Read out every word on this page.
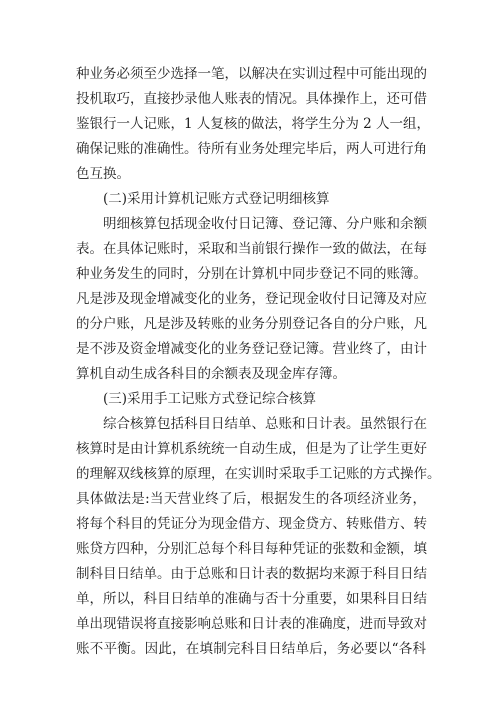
种业务必须至少选择一笔，以解决在实训过程中可能出现的
投机取巧，直接抄录他人账表的情况。具体操作上，还可借
鉴银行一人记账，1 人复核的做法，将学生分为 2 人一组，
确保记账的准确性。待所有业务处理完毕后，两人可进行角
色互换。
(二)采用计算机记账方式登记明细核算
明细核算包括现金收付日记簿、登记簿、分户账和余额
表。在具体记账时，采取和当前银行操作一致的做法，在每
种业务发生的同时，分别在计算机中同步登记不同的账簿。
凡是涉及现金增减变化的业务，登记现金收付日记簿及对应
的分户账，凡是涉及转账的业务分别登记各自的分户账，凡
是不涉及资金增减变化的业务登记登记簿。营业终了，由计
算机自动生成各科目的余额表及现金库存簿。
(三)采用手工记账方式登记综合核算
综合核算包括科目日结单、总账和日计表。虽然银行在
核算时是由计算机系统统一自动生成，但是为了让学生更好
的理解双线核算的原理，在实训时采取手工记账的方式操作。
具体做法是:当天营业终了后，根据发生的各项经济业务，
将每个科目的凭证分为现金借方、现金贷方、转账借方、转
账贷方四种，分别汇总每个科目每种凭证的张数和金额，填
制科目日结单。由于总账和日计表的数据均来源于科目日结
单，所以，科目日结单的准确与否十分重要，如果科目日结
单出现错误将直接影响总账和日计表的准确度，进而导致对
账不平衡。因此，在填制完科目日结单后，务必要以“各科
